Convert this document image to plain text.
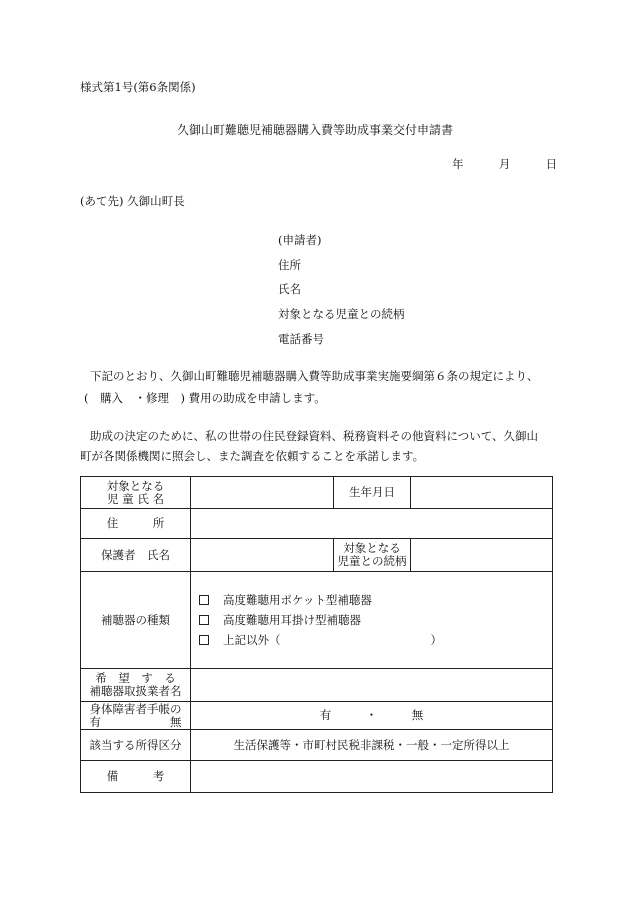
様式第1号(第6条関係)
久御山町難聴児補聴器購入費等助成事業交付申請書
年	月	日
(あて先) 久御山町長
(申請者)
住所
氏名
対象となる児童との続柄
電話番号
下記のとおり、久御山町難聴児補聴器購入費等助成事業実施要綱第６条の規定により、
(　購入　・修理　) 費用の助成を申請します。
助成の決定のために、私の世帯の住民登録資料、税務資料その他資料について、久御山
町が各関係機関に照会し、また調査を依頼することを承諾します。
対象となる
児 童 氏 名		生年月日	
住　　　所			
保護者　氏名		対象となる
児童との続柄	

補聴器の種類	高度難聴用ポケット型補聴器
高度難聴用耳掛け型補聴器
上記以外（ ）		

希　望　す　る
補聴器取扱業者名			

身体障害者手帳の
有　　　　　　無	有　　　・　　　無		
該当する所得区分	生活保護等・市町村民税非課税・一般・一定所得以上		
備　　　考			
